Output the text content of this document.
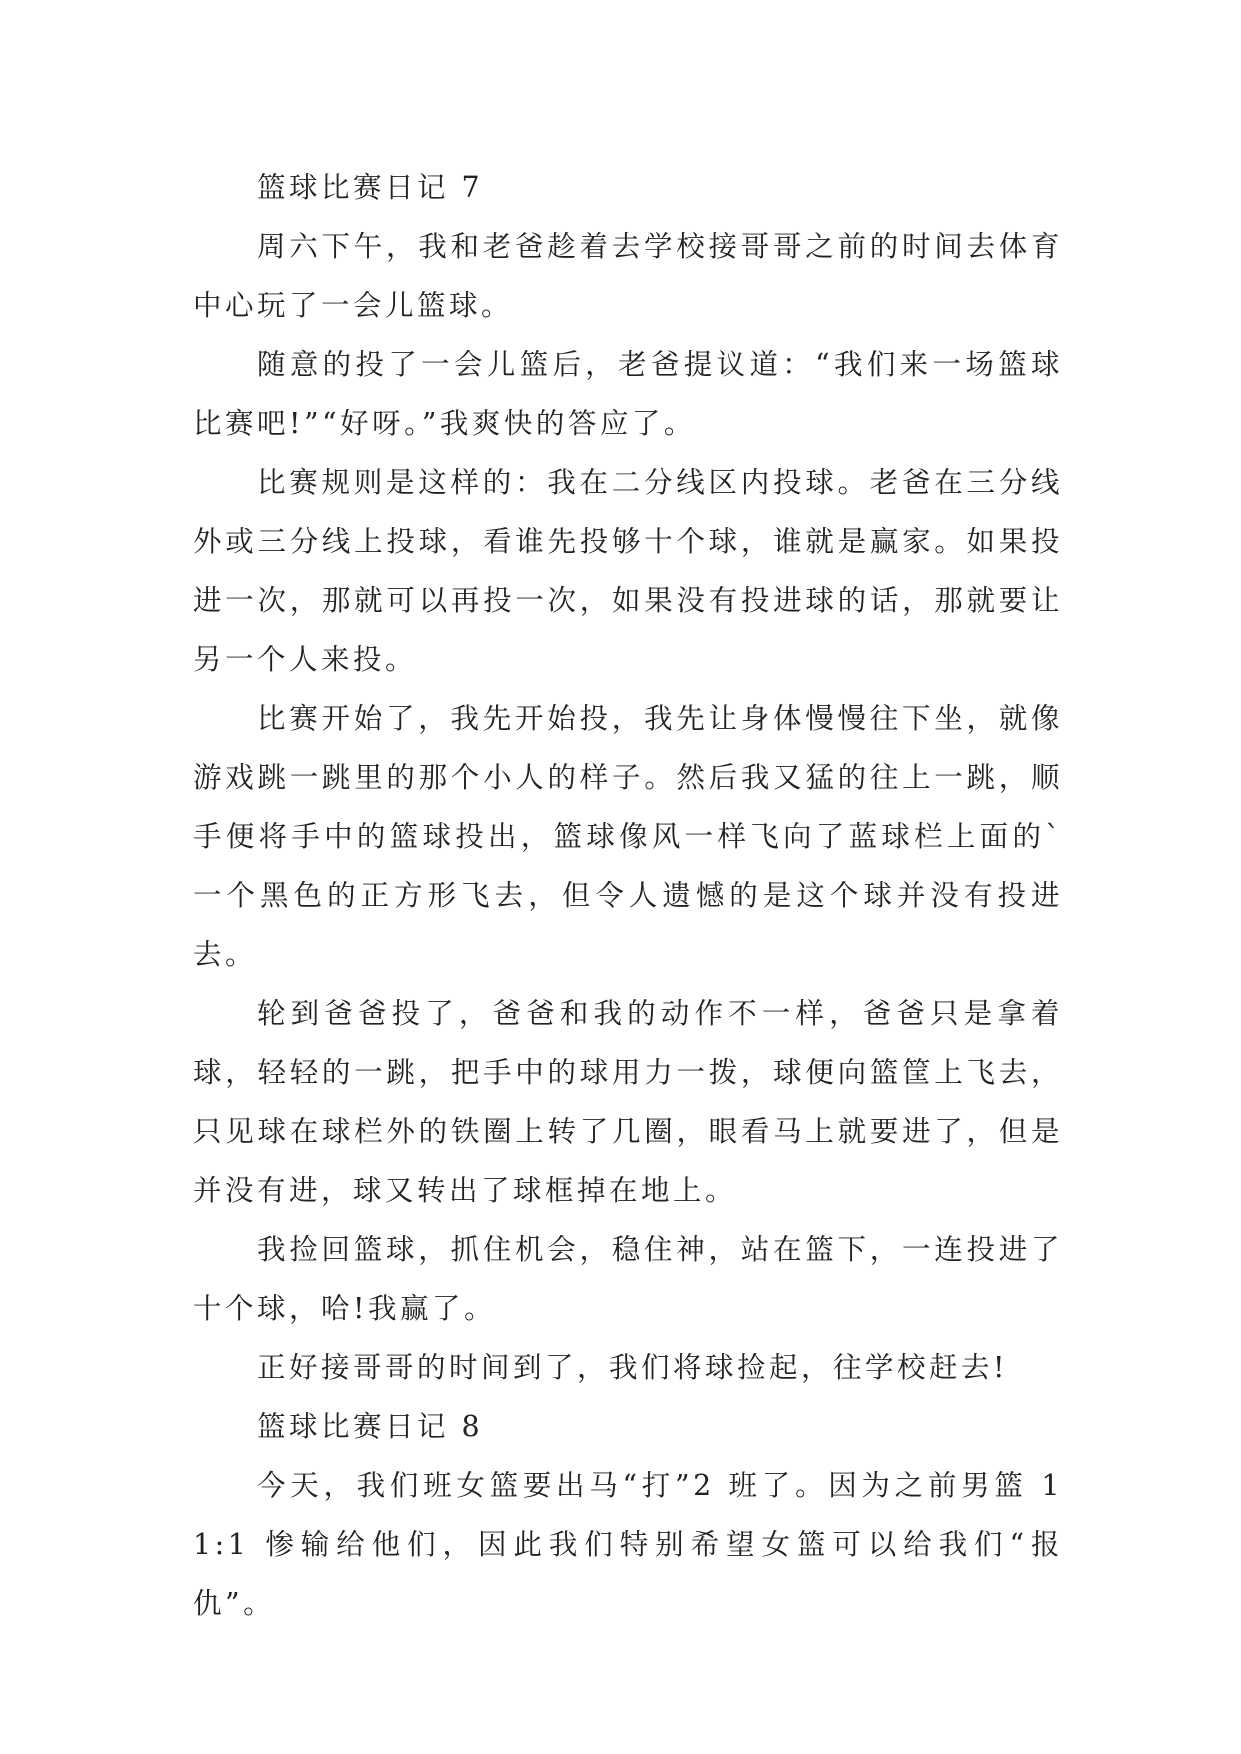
篮球比赛日记 7

周六下午，我和老爸趁着去学校接哥哥之前的时间去体育中心玩了一会儿篮球。

随意的投了一会儿篮后，老爸提议道：“我们来一场篮球比赛吧!”“好呀。”我爽快的答应了。

比赛规则是这样的：我在二分线区内投球。老爸在三分线外或三分线上投球，看谁先投够十个球，谁就是赢家。如果投进一次，那就可以再投一次，如果没有投进球的话，那就要让另一个人来投。

比赛开始了，我先开始投，我先让身体慢慢往下坐，就像游戏跳一跳里的那个小人的样子。然后我又猛的往上一跳，顺手便将手中的篮球投出，篮球像风一样飞向了蓝球栏上面的`一个黑色的正方形飞去，但令人遗憾的是这个球并没有投进去。

轮到爸爸投了，爸爸和我的动作不一样，爸爸只是拿着球，轻轻的一跳，把手中的球用力一拨，球便向篮筐上飞去，只见球在球栏外的铁圈上转了几圈，眼看马上就要进了，但是并没有进，球又转出了球框掉在地上。

我捡回篮球，抓住机会，稳住神，站在篮下，一连投进了十个球，哈!我赢了。

正好接哥哥的时间到了，我们将球捡起，往学校赶去!

篮球比赛日记 8

今天，我们班女篮要出马“打”2 班了。因为之前男篮 11:1 惨输给他们，因此我们特别希望女篮可以给我们“报仇”。
